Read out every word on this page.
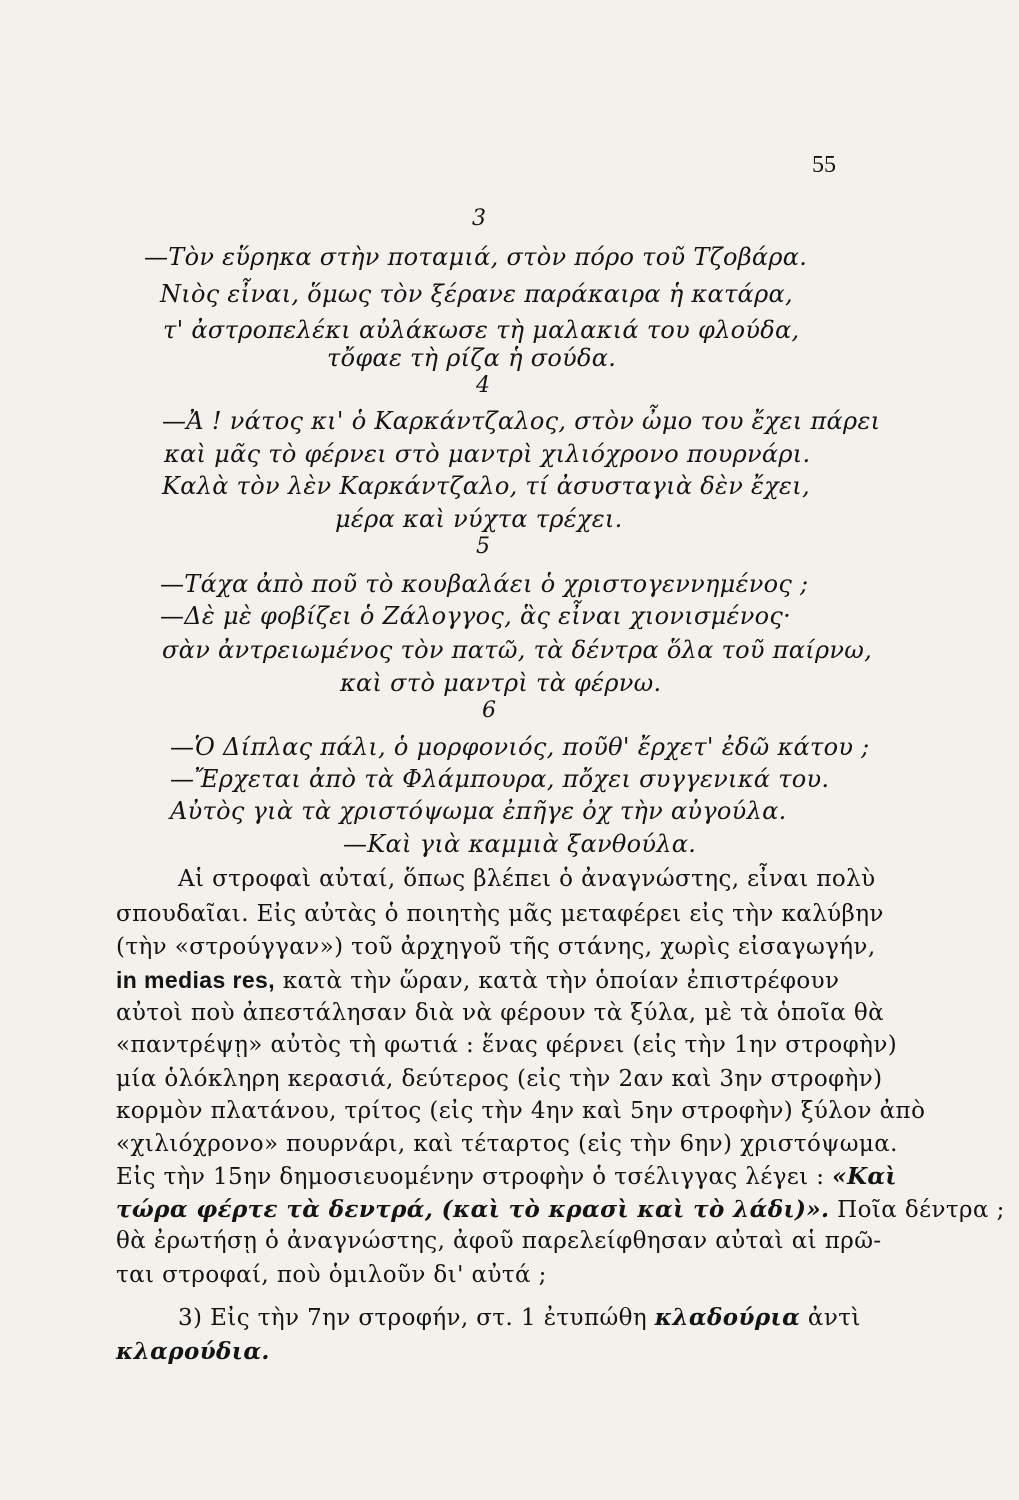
55
3
—Τὸν εὕρηκα στὴν ποταμιά, στὸν πόρο τοῦ Τζοβάρα.
Νιὸς εἶναι, ὅμως τὸν ξέρανε παράκαιρα ἡ κατάρα,
τ' ἀστροπελέκι αὐλάκωσε τὴ μαλακιά του φλούδα,
τὄφαε τὴ ρίζα ἡ σούδα.
4
—Ἀ ! νάτος κι' ὁ Καρκάντζαλος, στὸν ὦμο του ἔχει πάρει
καὶ μᾶς τὸ φέρνει στὸ μαντρὶ χιλιόχρονο πουρνάρι.
Καλὰ τὸν λὲν Καρκάντζαλο, τί ἀσυσταγιὰ δὲν ἔχει,
μέρα καὶ νύχτα τρέχει.
5
—Τάχα ἀπὸ ποῦ τὸ κουβαλάει ὁ χριστογεννημένος ;
—Δὲ μὲ φοβίζει ὁ Ζάλογγος, ἃς εἶναι χιονισμένος·
σὰν ἀντρειωμένος τὸν πατῶ, τὰ δέντρα ὅλα τοῦ παίρνω,
καὶ στὸ μαντρὶ τὰ φέρνω.
6
—Ὁ Δίπλας πάλι, ὁ μορφονιός, ποῦθ' ἔρχετ' ἐδῶ κάτου ;
—Ἔρχεται ἀπὸ τὰ Φλάμπουρα, πὄχει συγγενικά του.
Αὐτὸς γιὰ τὰ χριστόψωμα ἐπῆγε ὀχ τὴν αὐγούλα.
—Καὶ γιὰ καμμιὰ ξανθούλα.
Αἱ στροφαὶ αὐταί, ὅπως βλέπει ὁ ἀναγνώστης, εἶναι πολὺ
σπουδαῖαι. Εἰς αὐτὰς ὁ ποιητὴς μᾶς μεταφέρει εἰς τὴν καλύβην
(τὴν «στρούγγαν») τοῦ ἀρχηγοῦ τῆς στάνης, χωρὶς εἰσαγωγήν,
in medias res, κατὰ τὴν ὥραν, κατὰ τὴν ὁποίαν ἐπιστρέφουν
αὐτοὶ ποὺ ἀπεστάλησαν διὰ νὰ φέρουν τὰ ξύλα, μὲ τὰ ὁποῖα θὰ
«παντρέψῃ» αὐτὸς τὴ φωτιά : ἕνας φέρνει (εἰς τὴν 1ην στροφὴν)
μία ὁλόκληρη κερασιά, δεύτερος (εἰς τὴν 2αν καὶ 3ην στροφὴν)
κορμὸν πλατάνου, τρίτος (εἰς τὴν 4ην καὶ 5ην στροφὴν) ξύλον ἀπὸ
«χιλιόχρονο» πουρνάρι, καὶ τέταρτος (εἰς τὴν 6ην) χριστόψωμα.
Εἰς τὴν 15ην δημοσιευομένην στροφὴν ὁ τσέλιγγας λέγει : «Καὶ
τώρα φέρτε τὰ δεντρά, (καὶ τὸ κρασὶ καὶ τὸ λάδι)». Ποῖα δέντρα ;
θὰ ἐρωτήσῃ ὁ ἀναγνώστης, ἀφοῦ παρελείφθησαν αὐταὶ αἱ πρῶ-
ται στροφαί, ποὺ ὁμιλοῦν δι' αὐτά ;
3) Εἰς τὴν 7ην στροφήν, στ. 1 ἐτυπώθη κλαδούρια ἀντὶ
κλαρούδια.
